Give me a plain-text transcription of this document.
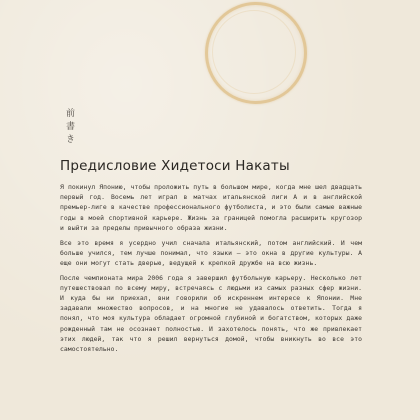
前書き
Предисловие Хидетоси Накаты

Я покинул Японию, чтобы проложить путь в большом мире, когда мне шел двадцать первый год. Восемь лет играл в матчах итальянской лиги А и в английской премьер-лиге в качестве профессионального футболиста, и это были самые важные годы в моей спортивной карьере. Жизнь за границей помогла расширить кругозор и выйти за пределы привычного образа жизни.

Все это время я усердно учил сначала итальянский, потом английский. И чем больше учился, тем лучше понимал, что языки — это окна в другие культуры. А еще они могут стать дверью, ведущей к крепкой дружбе на всю жизнь.

После чемпионата мира 2006 года я завершил футбольную карьеру. Несколько лет путешествовал по всему миру, встречаясь с людьми из самых разных сфер жизни. И куда бы ни приехал, вни говорили об искреннем интересе к Японии. Мне задавали множество вопросов, и на многие не удавалось ответить. Тогда я понял, что моя культура обладает огромной глубиной и богатством, которых даже рожденный там не осознает полностью. И захотелось понять, что же привлекает этих людей, так что я решил вернуться домой, чтобы вникнуть во все это самостоятельно.
